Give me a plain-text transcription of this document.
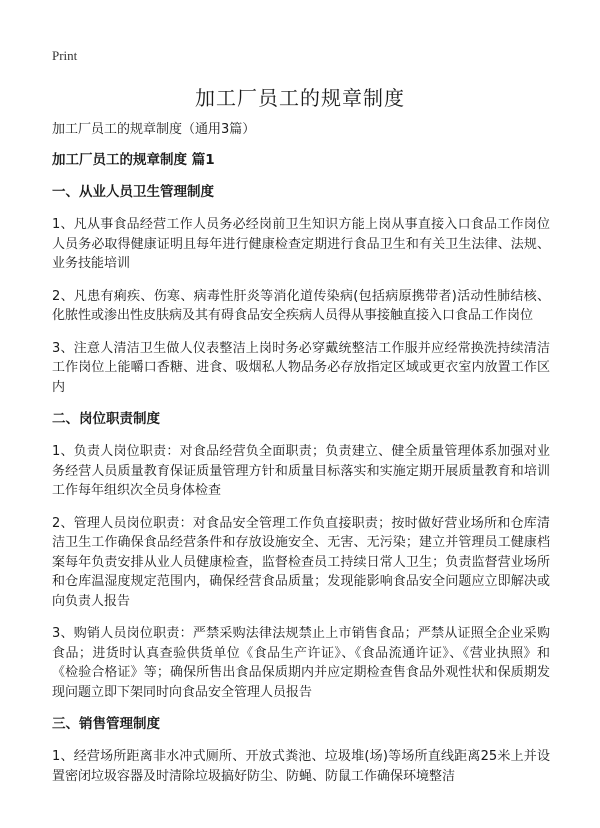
Print
加工厂员工的规章制度

加工厂员工的规章制度（通用3篇）

加工厂员工的规章制度 篇1

一、从业人员卫生管理制度

1、凡从事食品经营工作人员务必经岗前卫生知识方能上岗从事直接入口食品工作岗位人员务必取得健康证明且每年进行健康检查定期进行食品卫生和有关卫生法律、法规、业务技能培训

2、凡患有痢疾、伤寒、病毒性肝炎等消化道传染病(包括病原携带者)活动性肺结核、化脓性或渗出性皮肤病及其有碍食品安全疾病人员得从事接触直接入口食品工作岗位

3、注意人清洁卫生做人仪表整洁上岗时务必穿戴统整洁工作服并应经常换洗持续清洁工作岗位上能嚼口香糖、进食、吸烟私人物品务必存放指定区域或更衣室内放置工作区内

二、岗位职责制度

1、负责人岗位职责：对食品经营负全面职责；负责建立、健全质量管理体系加强对业务经营人员质量教育保证质量管理方针和质量目标落实和实施定期开展质量教育和培训工作每年组织次全员身体检查

2、管理人员岗位职责：对食品安全管理工作负直接职责；按时做好营业场所和仓库清洁卫生工作确保食品经营条件和存放设施安全、无害、无污染；建立并管理员工健康档案每年负责安排从业人员健康检查，监督检查员工持续日常人卫生；负责监督营业场所和仓库温湿度规定范围内，确保经营食品质量；发现能影响食品安全问题应立即解决或向负责人报告

3、购销人员岗位职责：严禁采购法律法规禁止上市销售食品；严禁从证照全企业采购食品；进货时认真查验供货单位《食品生产许证》、《食品流通许证》、《营业执照》和《检验合格证》等；确保所售出食品保质期内并应定期检查售食品外观性状和保质期发现问题立即下架同时向食品安全管理人员报告

三、销售管理制度

1、经营场所距离非水冲式厕所、开放式粪池、垃圾堆(场)等场所直线距离25米上并设置密闭垃圾容器及时清除垃圾搞好防尘、防蝇、防鼠工作确保环境整洁
